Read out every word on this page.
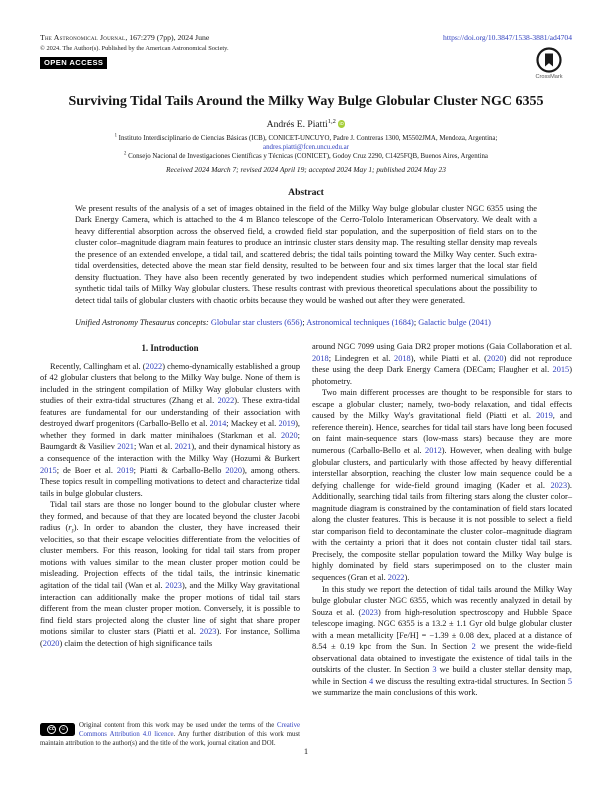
The Astronomical Journal, 167:279 (7pp), 2024 June
© 2024. The Author(s). Published by the American Astronomical Society.
OPEN ACCESS
https://doi.org/10.3847/1538-3881/ad4704
CrossMark
Surviving Tidal Tails Around the Milky Way Bulge Globular Cluster NGC 6355
Andrés E. Piatti$^{1,2}$ iD
$^1$ Instituto Interdisciplinario de Ciencias Básicas (ICB), CONICET-UNCUYO, Padre J. Contreras 1300, M5502JMA, Mendoza, Argentina;
andres.piatti@fcen.uncu.edu.ar
$^2$ Consejo Nacional de Investigaciones Científicas y Técnicas (CONICET), Godoy Cruz 2290, C1425FQB, Buenos Aires, Argentina
Received 2024 March 7; revised 2024 April 19; accepted 2024 May 1; published 2024 May 23
Abstract
We present results of the analysis of a set of images obtained in the field of the Milky Way bulge globular cluster NGC 6355 using the Dark Energy Camera, which is attached to the 4 m Blanco telescope of the Cerro-Tololo Interamerican Observatory. We dealt with a heavy differential absorption across the observed field, a crowded field star population, and the superposition of field stars on to the cluster color–magnitude diagram main features to produce an intrinsic cluster stars density map. The resulting stellar density map reveals the presence of an extended envelope, a tidal tail, and scattered debris; the tidal tails pointing toward the Milky Way center. Such extra-tidal overdensities, detected above the mean star field density, resulted to be between four and six times larger that the local star field density fluctuation. They have also been recently generated by two independent studies which performed numerical simulations of synthetic tidal tails of Milky Way globular clusters. These results contrast with previous theoretical speculations about the possibility to detect tidal tails of globular clusters with chaotic orbits because they would be washed out after they were generated.
Unified Astronomy Thesaurus concepts: Globular star clusters (656); Astronomical techniques (1684); Galactic bulge (2041)
1. Introduction

Recently, Callingham et al. (2022) chemo-dynamically established a group of 42 globular clusters that belong to the Milky Way bulge. None of them is included in the stringent compilation of Milky Way globular clusters with studies of their extra-tidal structures (Zhang et al. 2022). These extra-tidal features are fundamental for our understanding of their association with destroyed dwarf progenitors (Carballo-Bello et al. 2014; Mackey et al. 2019), whether they formed in dark matter minihaloes (Starkman et al. 2020; Baumgardt & Vasiliev 2021; Wan et al. 2021), and their dynamical history as a consequence of the interaction with the Milky Way (Hozumi & Burkert 2015; de Boer et al. 2019; Piatti & Carballo-Bello 2020), among others. These topics result in compelling motivations to detect and characterize tidal tails in bulge globular clusters.

Tidal tail stars are those no longer bound to the globular cluster where they formed, and because of that they are located beyond the cluster Jacobi radius $(r_J)$. In order to abandon the cluster, they have increased their velocities, so that their escape velocities differentiate from the velocities of cluster members. For this reason, looking for tidal tail stars from proper motions with values similar to the mean cluster proper motion could be misleading. Projection effects of the tidal tails, the intrinsic kinematic agitation of the tidal tail (Wan et al. 2023), and the Milky Way gravitational interaction can additionally make the proper motions of tidal tail stars different from the mean cluster proper motion. Conversely, it is possible to find field stars projected along the cluster line of sight that share proper motions similar to cluster stars (Piatti et al. 2023). For instance, Sollima (2020) claim the detection of high significance tails

cc	☺ Original content from this work may be used under the terms of the Creative Commons Attribution 4.0 licence. Any further distribution of this work must maintain attribution to the author(s) and the title of the work, journal citation and DOI.

around NGC 7099 using Gaia DR2 proper motions (Gaia Collaboration et al. 2018; Lindegren et al. 2018), while Piatti et al. (2020) did not reproduce these using the deep Dark Energy Camera (DECam; Flaugher et al. 2015) photometry.

Two main different processes are thought to be responsible for stars to escape a globular cluster; namely, two-body relaxation, and tidal effects caused by the Milky Way's gravitational field (Piatti et al. 2019, and reference therein). Hence, searches for tidal tail stars have long been focused on faint main-sequence stars (low-mass stars) because they are more numerous (Carballo-Bello et al. 2012). However, when dealing with bulge globular clusters, and particularly with those affected by heavy differential interstellar absorption, reaching the cluster low main sequence could be a defying challenge for wide-field ground imaging (Kader et al. 2023). Additionally, searching tidal tails from filtering stars along the cluster color–magnitude diagram is constrained by the contamination of field stars located along the cluster features. This is because it is not possible to select a field star comparison field to decontaminate the cluster color–magnitude diagram with the certainty a priori that it does not contain cluster tidal tail stars. Precisely, the composite stellar population toward the Milky Way bulge is highly dominated by field stars superimposed on to the cluster main sequences (Gran et al. 2022).

In this study we report the detection of tidal tails around the Milky Way bulge globular cluster NGC 6355, which was recently analyzed in detail by Souza et al. (2023) from high-resolution spectroscopy and Hubble Space telescope imaging. NGC 6355 is a 13.2 ± 1.1 Gyr old bulge globular cluster with a mean metallicity [Fe/H] = −1.39 ± 0.08 dex, placed at a distance of 8.54 ± 0.19 kpc from the Sun. In Section 2 we present the wide-field observational data obtained to investigate the existence of tidal tails in the outskirts of the cluster. In Section 3 we build a cluster stellar density map, while in Section 4 we discuss the resulting extra-tidal structures. In Section 5 we summarize the main conclusions of this work.

1
